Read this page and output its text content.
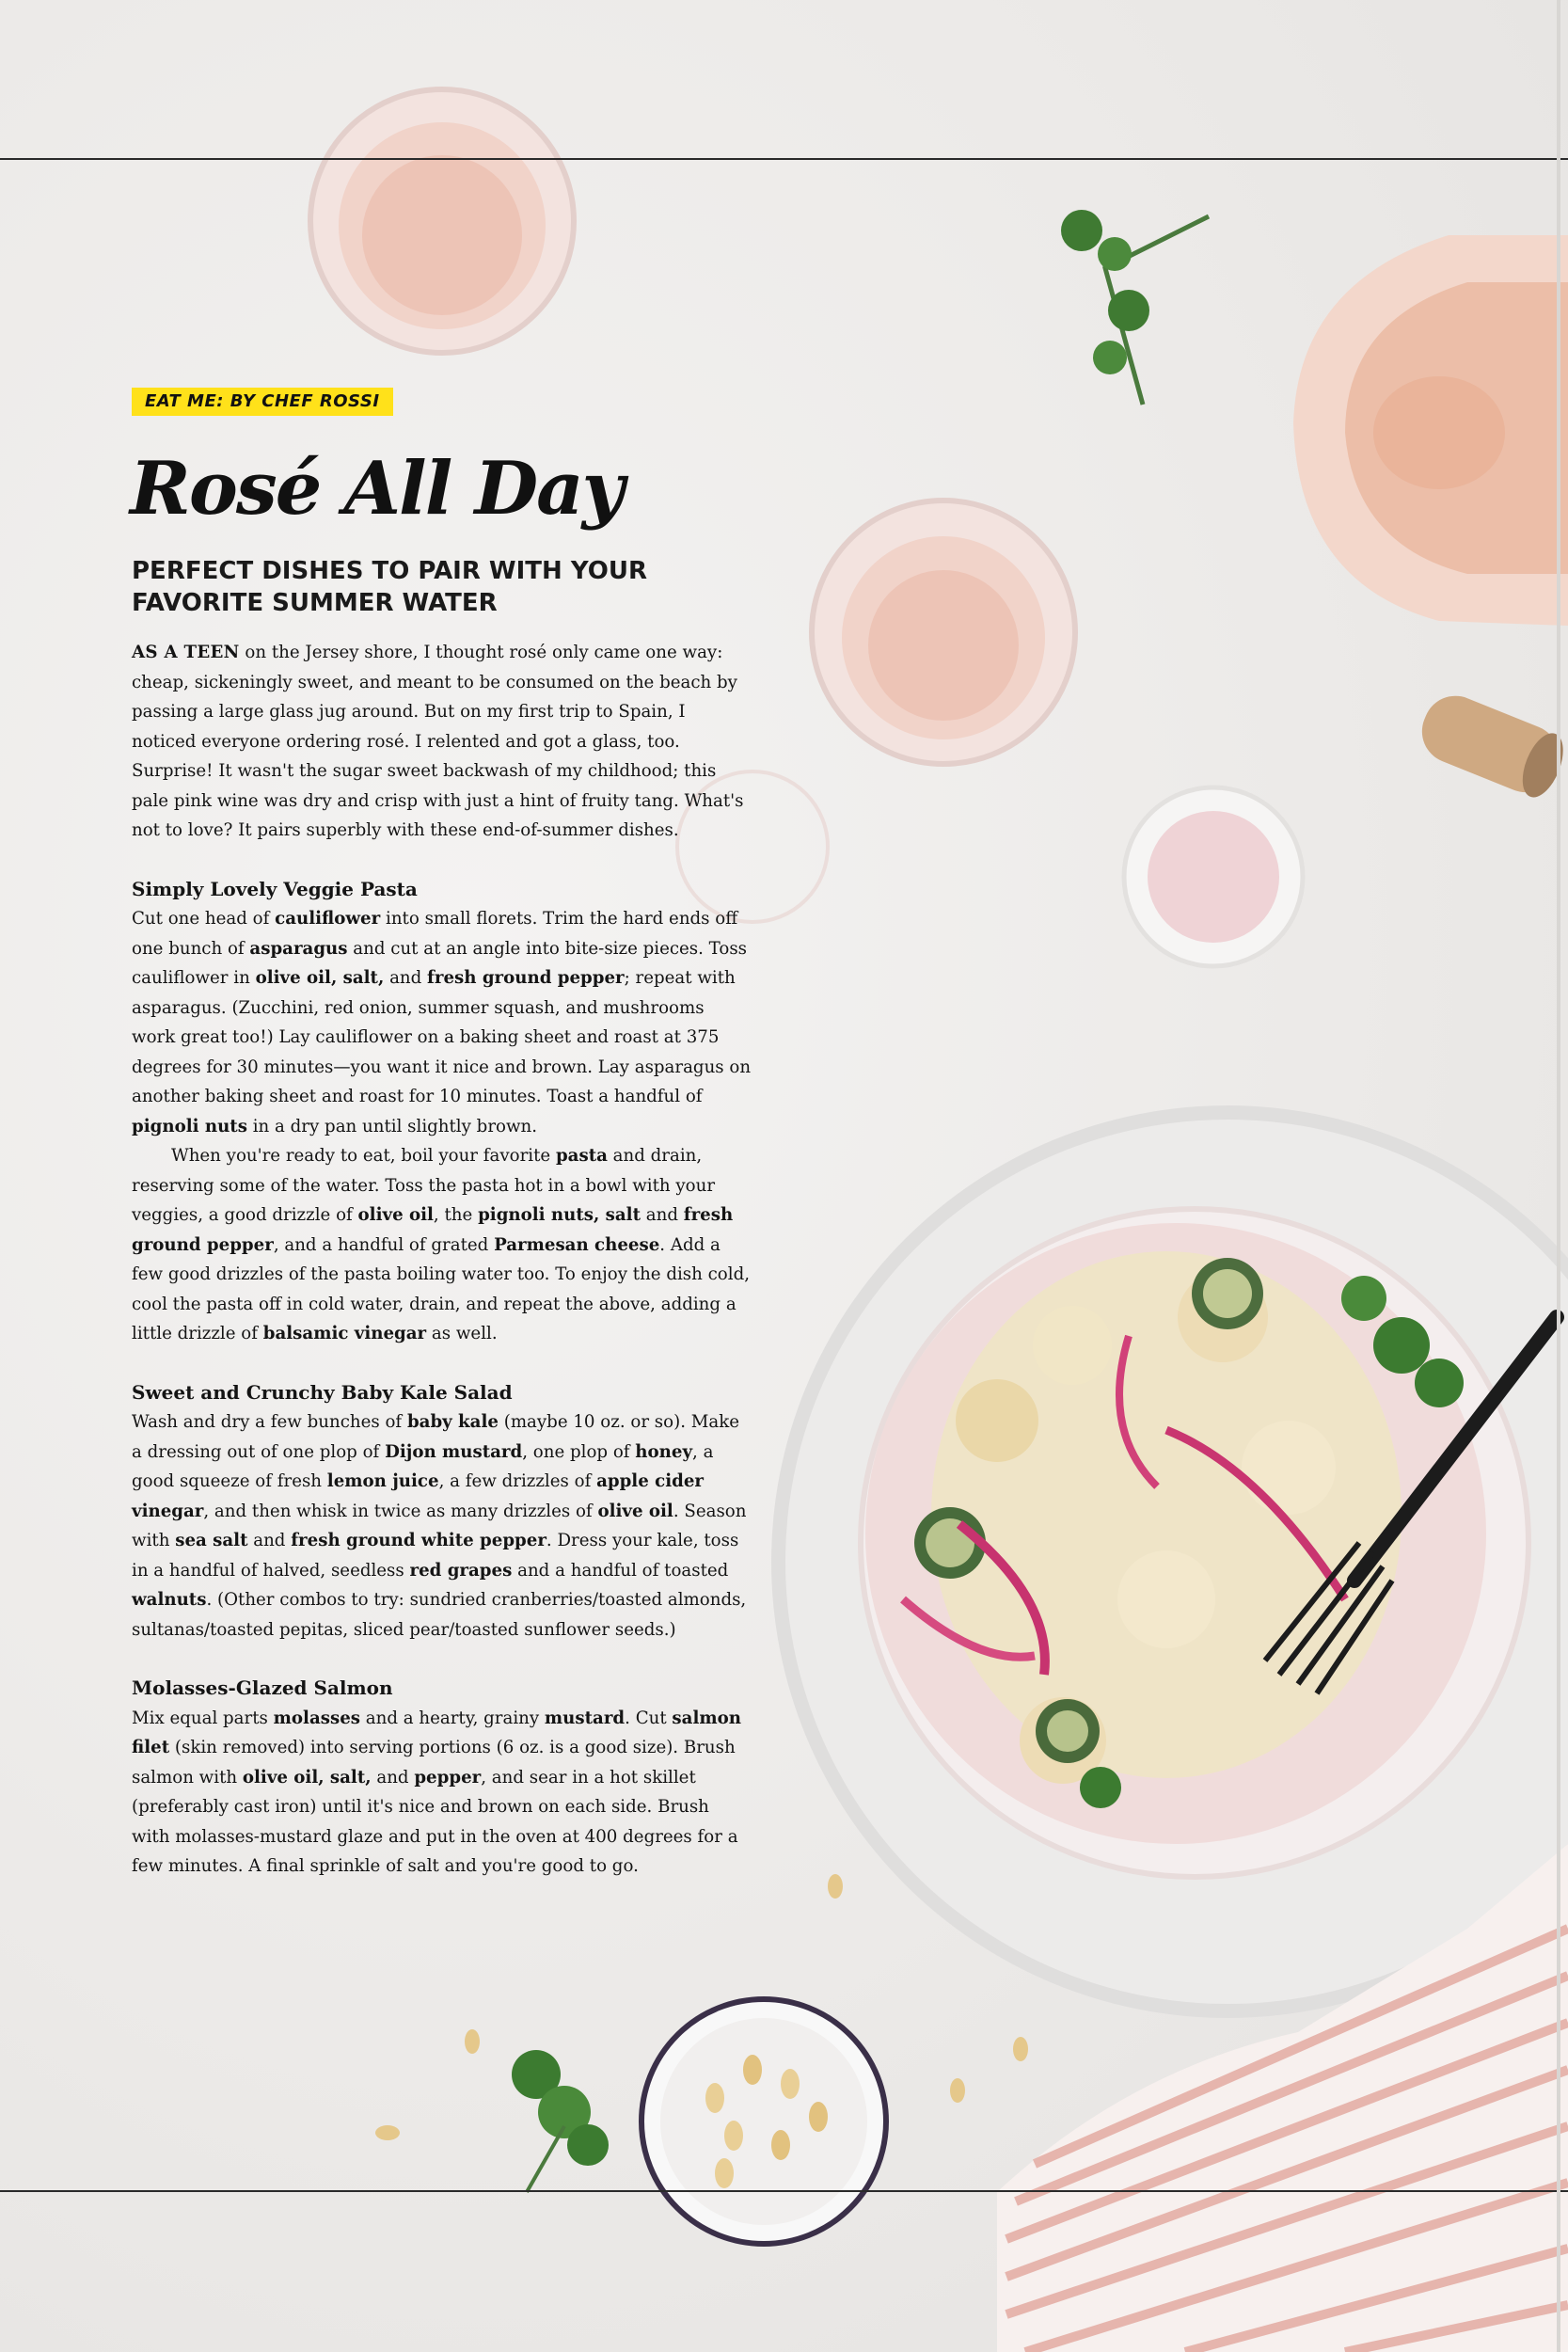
EAT ME: BY CHEF ROSSI
Rosé All Day
PERFECT DISHES TO PAIR WITH YOUR FAVORITE SUMMER WATER

AS A TEEN on the Jersey shore, I thought rosé only came one way: cheap, sickeningly sweet, and meant to be consumed on the beach by passing a large glass jug around. But on my first trip to Spain, I noticed everyone ordering rosé. I relented and got a glass, too. Surprise! It wasn't the sugar sweet backwash of my childhood; this pale pink wine was dry and crisp with just a hint of fruity tang. What's not to love? It pairs superbly with these end-of-summer dishes.

Simply Lovely Veggie Pasta

Cut one head of cauliflower into small florets. Trim the hard ends off one bunch of asparagus and cut at an angle into bite-size pieces. Toss cauliflower in olive oil, salt, and fresh ground pepper; repeat with asparagus. (Zucchini, red onion, summer squash, and mushrooms work great too!) Lay cauliflower on a baking sheet and roast at 375 degrees for 30 minutes—you want it nice and brown. Lay asparagus on another baking sheet and roast for 10 minutes. Toast a handful of pignoli nuts in a dry pan until slightly brown.

When you're ready to eat, boil your favorite pasta and drain, reserving some of the water. Toss the pasta hot in a bowl with your veggies, a good drizzle of olive oil, the pignoli nuts, salt and fresh ground pepper, and a handful of grated Parmesan cheese. Add a few good drizzles of the pasta boiling water too. To enjoy the dish cold, cool the pasta off in cold water, drain, and repeat the above, adding a little drizzle of balsamic vinegar as well.

Sweet and Crunchy Baby Kale Salad

Wash and dry a few bunches of baby kale (maybe 10 oz. or so). Make a dressing out of one plop of Dijon mustard, one plop of honey, a good squeeze of fresh lemon juice, a few drizzles of apple cider vinegar, and then whisk in twice as many drizzles of olive oil. Season with sea salt and fresh ground white pepper. Dress your kale, toss in a handful of halved, seedless red grapes and a handful of toasted walnuts. (Other combos to try: sundried cranberries/toasted almonds, sultanas/toasted pepitas, sliced pear/toasted sunflower seeds.)

Molasses-Glazed Salmon

Mix equal parts molasses and a hearty, grainy mustard. Cut salmon filet (skin removed) into serving portions (6 oz. is a good size). Brush salmon with olive oil, salt, and pepper, and sear in a hot skillet (preferably cast iron) until it's nice and brown on each side. Brush with molasses-mustard glaze and put in the oven at 400 degrees for a few minutes. A final sprinkle of salt and you're good to go.
